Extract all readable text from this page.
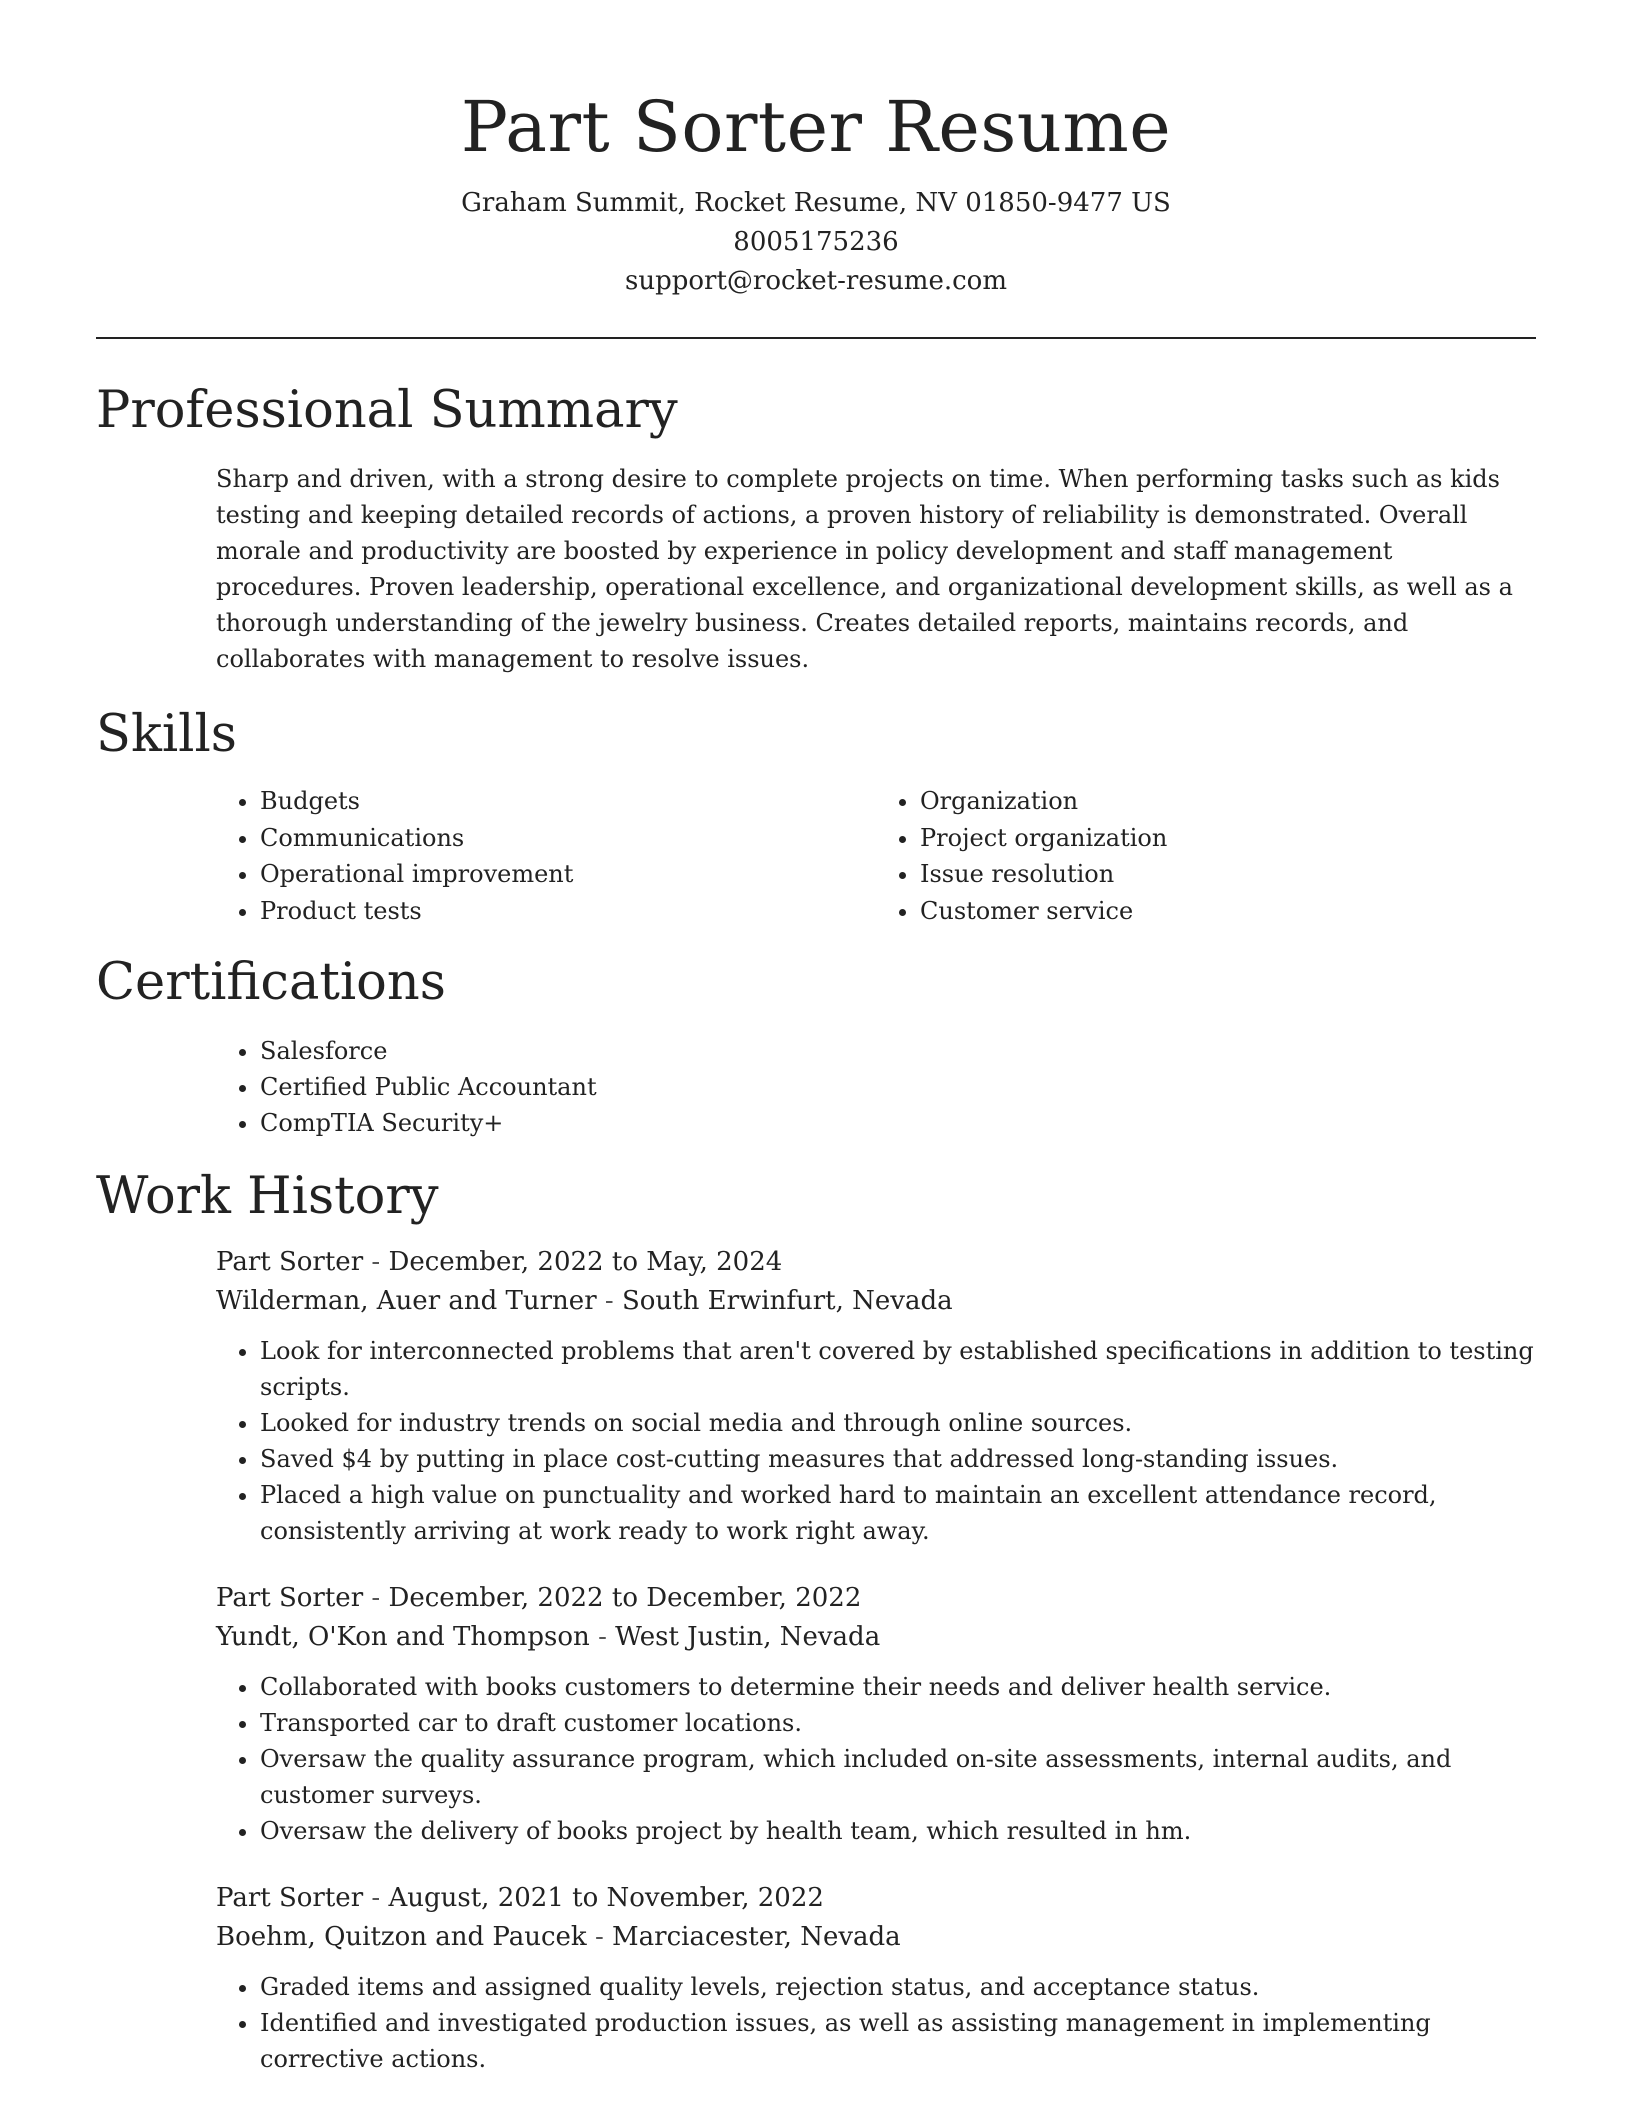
Part Sorter Resume
Graham Summit, Rocket Resume, NV 01850-9477 US
8005175236
support@rocket-resume.com
Professional Summary

Sharp and driven, with a strong desire to complete projects on time. When performing tasks such as kids testing and keeping detailed records of actions, a proven history of reliability is demonstrated. Overall morale and productivity are boosted by experience in policy development and staff management procedures. Proven leadership, operational excellence, and organizational development skills, as well as a thorough understanding of the jewelry business. Creates detailed reports, maintains records, and collaborates with management to resolve issues.

Skills
• Budgets
• Communications
• Operational improvement
• Product tests
• Organization
• Project organization
• Issue resolution
• Customer service
Certifications
• Salesforce
• Certified Public Accountant
• CompTIA Security+
Work History

Part Sorter - December, 2022 to May, 2024

Wilderman, Auer and Turner - South Erwinfurt, Nevada

• Look for interconnected problems that aren't covered by established specifications in addition to testing scripts.
• Looked for industry trends on social media and through online sources.
• Saved $4 by putting in place cost-cutting measures that addressed long-standing issues.
• Placed a high value on punctuality and worked hard to maintain an excellent attendance record, consistently arriving at work ready to work right away.

Part Sorter - December, 2022 to December, 2022

Yundt, O'Kon and Thompson - West Justin, Nevada

• Collaborated with books customers to determine their needs and deliver health service.
• Transported car to draft customer locations.
• Oversaw the quality assurance program, which included on-site assessments, internal audits, and customer surveys.
• Oversaw the delivery of books project by health team, which resulted in hm.

Part Sorter - August, 2021 to November, 2022

Boehm, Quitzon and Paucek - Marciacester, Nevada

• Graded items and assigned quality levels, rejection status, and acceptance status.
• Identified and investigated production issues, as well as assisting management in implementing corrective actions.
